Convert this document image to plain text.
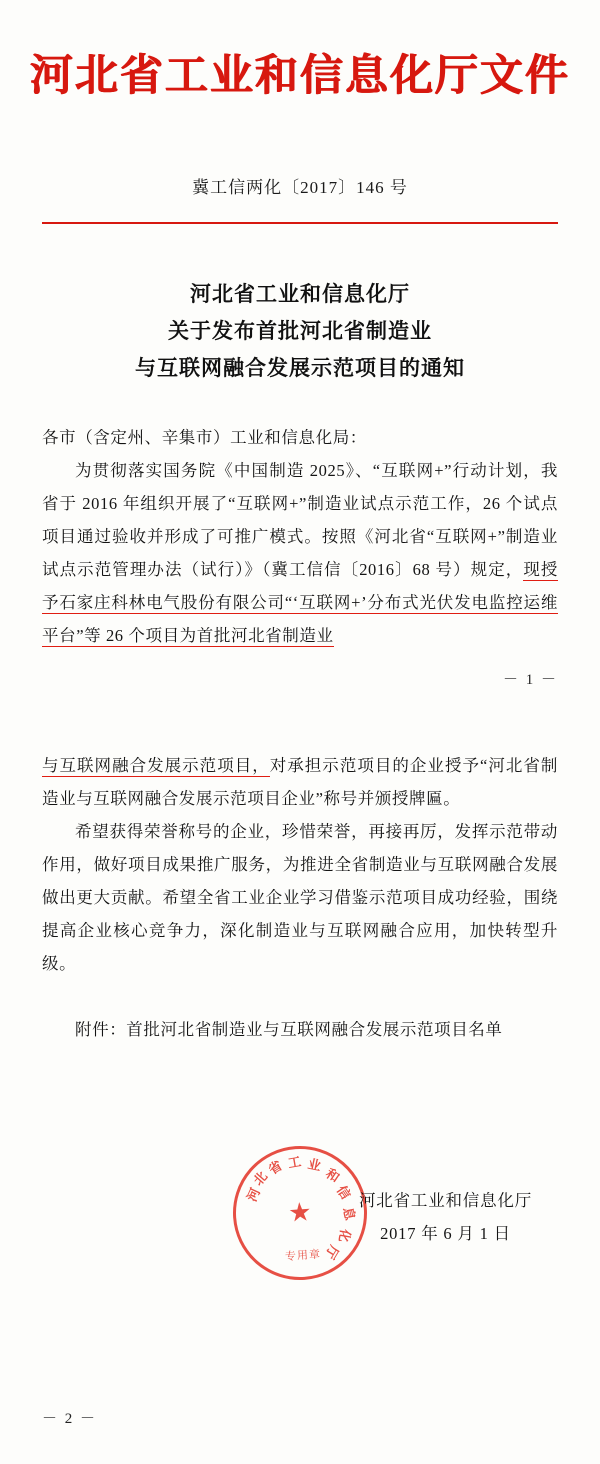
河北省工业和信息化厅文件
冀工信两化〔2017〕146 号
河北省工业和信息化厅
关于发布首批河北省制造业
与互联网融合发展示范项目的通知

各市（含定州、辛集市）工业和信息化局：

为贯彻落实国务院《中国制造 2025》、“互联网+”行动计划，我省于 2016 年组织开展了“互联网+”制造业试点示范工作，26 个试点项目通过验收并形成了可推广模式。按照《河北省“互联网+”制造业试点示范管理办法（试行）》（冀工信信〔2016〕68 号）规定，现授予石家庄科林电气股份有限公司“‘互联网+’分布式光伏发电监控运维平台”等 26 个项目为首批河北省制造业

－ 1 －

与互联网融合发展示范项目，对承担示范项目的企业授予“河北省制造业与互联网融合发展示范项目企业”称号并颁授牌匾。

希望获得荣誉称号的企业，珍惜荣誉，再接再厉，发挥示范带动作用，做好项目成果推广服务，为推进全省制造业与互联网融合发展做出更大贡献。希望全省工业企业学习借鉴示范项目成功经验，围绕提高企业核心竞争力，深化制造业与互联网融合应用，加快转型升级。

附件：首批河北省制造业与互联网融合发展示范项目名单
河
北
省 工 业
和
信
息
化
厅
★
专用章
河北省工业和信息化厅
2017 年 6 月 1 日
－ 2 －
